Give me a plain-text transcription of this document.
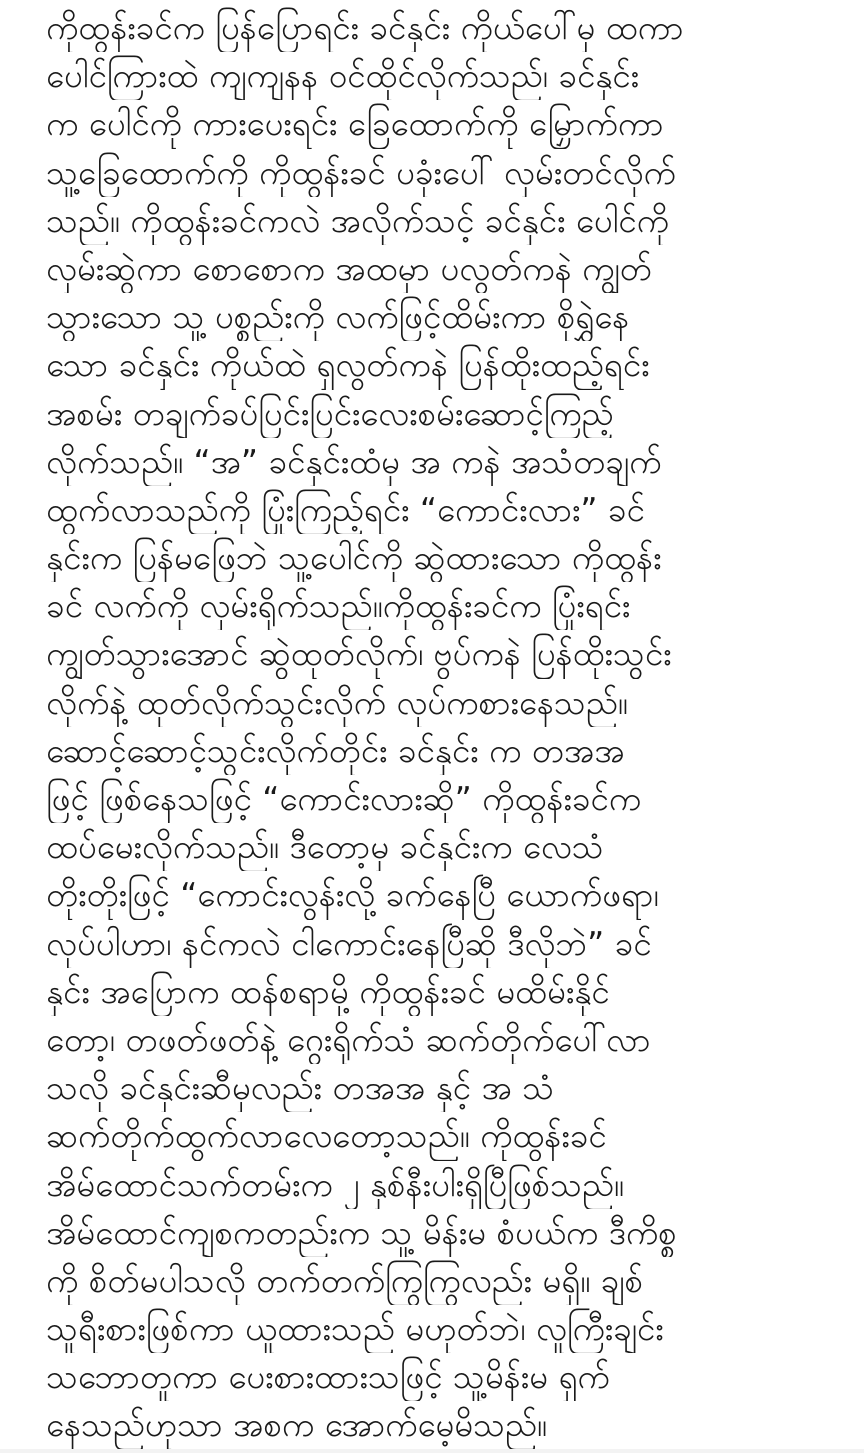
ကိုထွန်းခင်က ပြန်ပြောရင်း ခင်နှင်း ကိုယ်ပေါ်မှ ထကာ
ပေါင်ကြားထဲ ကျကျနန ဝင်ထိုင်လိုက်သည်၊ ခင်နှင်း
က ပေါင်ကို ကားပေးရင်း ခြေထောက်ကို မြှောက်ကာ
သူ့ခြေထောက်ကို ကိုထွန်းခင် ပခုံးပေါ် လှမ်းတင်လိုက်
သည်။ ကိုထွန်းခင်ကလဲ အလိုက်သင့် ခင်နှင်း ပေါင်ကို
လှမ်းဆွဲကာ စောစောက အထမှာ ပလွတ်ကနဲ ကျွတ်
သွားသော သူ့ ပစ္စည်းကို လက်ဖြင့်ထိမ်းကာ စိုရွှဲနေ
သော ခင်နှင်း ကိုယ်ထဲ ရှလွတ်ကနဲ ပြန်ထိုးထည့်ရင်း
အစမ်း တချက်ခပ်ပြင်းပြင်းလေးစမ်းဆောင့်ကြည့်
လိုက်သည်။ “အ” ခင်နှင်းထံမှ အ ကနဲ အသံတချက်
ထွက်လာသည်ကို ပြုံးကြည့်ရင်း “ကောင်းလား” ခင်
နှင်းက ပြန်မဖြေဘဲ သူ့ပေါင်ကို ဆွဲထားသော ကိုထွန်း
ခင် လက်ကို လှမ်းရိုက်သည်။ကိုထွန်းခင်က ပြုံးရင်း
ကျွတ်သွားအောင် ဆွဲထုတ်လိုက်၊ ဗွပ်ကနဲ ပြန်ထိုးသွင်း
လိုက်နဲ့ ထုတ်လိုက်သွင်းလိုက် လုပ်ကစားနေသည်။
ဆောင့်ဆောင့်သွင်းလိုက်တိုင်း ခင်နှင်း က တအအ
ဖြင့် ဖြစ်နေသဖြင့် “ကောင်းလားဆို” ကိုထွန်းခင်က
ထပ်မေးလိုက်သည်။ ဒီတော့မှ ခင်နှင်းက လေသံ
တိုးတိုးဖြင့် “ကောင်းလွန်းလို့ ခက်နေပြီ ယောက်ဖရာ၊
လုပ်ပါဟာ၊ နင်ကလဲ ငါကောင်းနေပြီဆို ဒီလိုဘဲ” ခင်
နှင်း အပြောက ထန်စရာမို့ ကိုထွန်းခင် မထိမ်းနိုင်
တော့၊ တဖတ်ဖတ်နဲ့ ဂွေးရိုက်သံ ဆက်တိုက်ပေါ်လာ
သလို ခင်နှင်းဆီမှလည်း တအအ နှင့် အ သံ
ဆက်တိုက်ထွက်လာလေတော့သည်။ ကိုထွန်းခင်
အိမ်ထောင်သက်တမ်းက ၂ နှစ်နီးပါးရှိပြီဖြစ်သည်။
အိမ်ထောင်ကျစကတည်းက သူ့ မိန်းမ စံပယ်က ဒီကိစ္စ
ကို စိတ်မပါသလို တက်တက်ကြွကြွလည်း မရှိ။ ချစ်
သူရီးစားဖြစ်ကာ ယူထားသည် မဟုတ်ဘဲ၊ လူကြီးချင်း
သဘောတူကာ ပေးစားထားသဖြင့် သူ့မိန်းမ ရှက်
နေသည်ဟုသာ အစက အောက်မေ့မိသည်။
